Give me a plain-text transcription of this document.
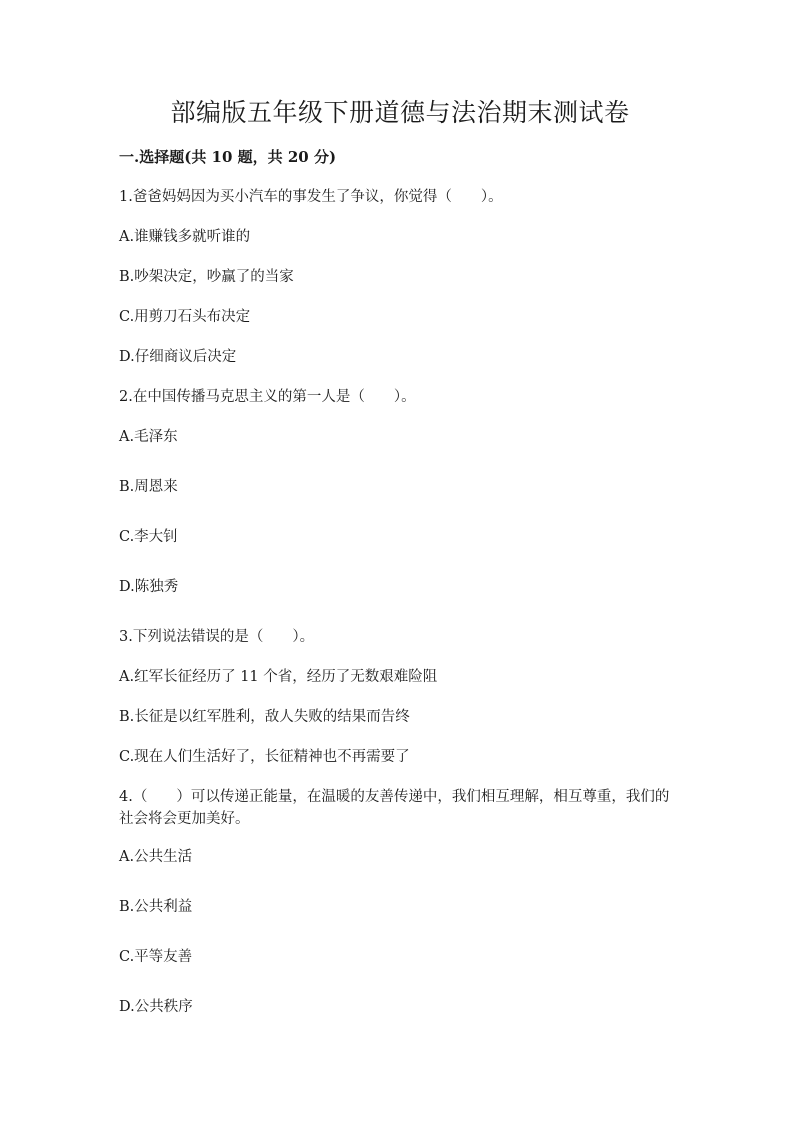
部编版五年级下册道德与法治期末测试卷
一.选择题(共 10 题，共 20 分)
1.爸爸妈妈因为买小汽车的事发生了争议，你觉得（　　）。
A.谁赚钱多就听谁的
B.吵架决定，吵赢了的当家
C.用剪刀石头布决定
D.仔细商议后决定
2.在中国传播马克思主义的第一人是（　　）。
A.毛泽东
B.周恩来
C.李大钊
D.陈独秀
3.下列说法错误的是（　　）。
A.红军长征经历了 11 个省，经历了无数艰难险阻
B.长征是以红军胜利，敌人失败的结果而告终
C.现在人们生活好了，长征精神也不再需要了
4.（　　）可以传递正能量，在温暖的友善传递中，我们相互理解，相互尊重，我们的社会将会更加美好。
A.公共生活
B.公共利益
C.平等友善
D.公共秩序
